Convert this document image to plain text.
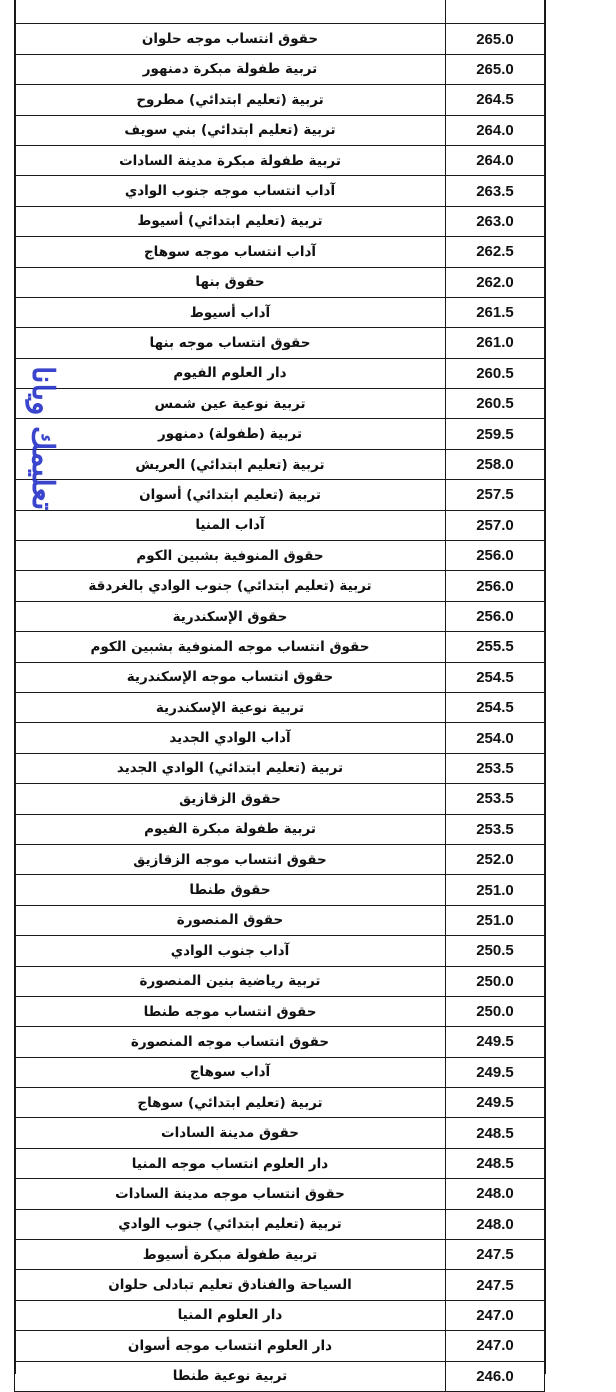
حقوق انتساب موجه حلوان	265.0
تربية طفولة مبكرة دمنهور	265.0
تربية (تعليم ابتدائي) مطروح	264.5
تربية (تعليم ابتدائي) بني سويف	264.0
تربية طفولة مبكرة مدينة السادات	264.0
آداب انتساب موجه جنوب الوادي	263.5
تربية (تعليم ابتدائي) أسيوط	263.0
آداب انتساب موجه سوهاج	262.5
حقوق بنها	262.0
آداب أسيوط	261.5
حقوق انتساب موجه بنها	261.0
دار العلوم الفيوم	260.5
تربية نوعية عين شمس	260.5
تربية (طفولة) دمنهور	259.5
تربية (تعليم ابتدائي) العريش	258.0
تربية (تعليم ابتدائي) أسوان	257.5
آداب المنيا	257.0
حقوق المنوفية بشبين الكوم	256.0
تربية (تعليم ابتدائي) جنوب الوادي بالغردقة	256.0
حقوق الإسكندرية	256.0
حقوق انتساب موجه المنوفية بشبين الكوم	255.5
حقوق انتساب موجه الإسكندرية	254.5
تربية نوعية الإسكندرية	254.5
آداب الوادي الجديد	254.0
تربية (تعليم ابتدائي) الوادي الجديد	253.5
حقوق الزقازيق	253.5
تربية طفولة مبكرة الفيوم	253.5
حقوق انتساب موجه الزقازيق	252.0
حقوق طنطا	251.0
حقوق المنصورة	251.0
آداب جنوب الوادي	250.5
تربية رياضية بنين المنصورة	250.0
حقوق انتساب موجه طنطا	250.0
حقوق انتساب موجه المنصورة	249.5
آداب سوهاج	249.5
تربية (تعليم ابتدائي) سوهاج	249.5
حقوق مدينة السادات	248.5
دار العلوم انتساب موجه المنيا	248.5
حقوق انتساب موجه مدينة السادات	248.0
تربية (تعليم ابتدائي) جنوب الوادي	248.0
تربية طفولة مبكرة أسيوط	247.5
السياحة والفنادق تعليم تبادلى حلوان	247.5
دار العلوم المنيا	247.0
دار العلوم انتساب موجه أسوان	247.0
تربية نوعية طنطا	246.0
تعليمك ويانا
